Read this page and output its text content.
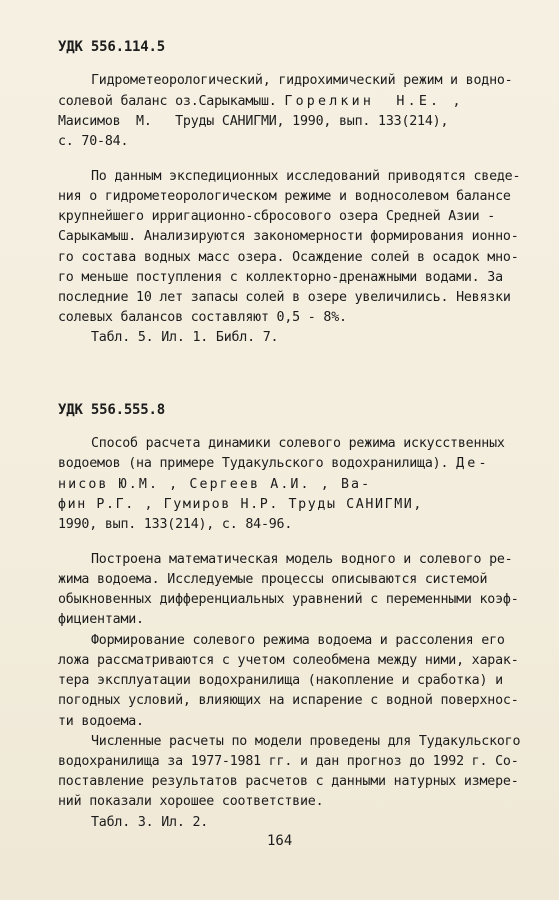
УДК 556.114.5
Гидрометеорологический, гидрохимический режим и водно-
солевой баланс оз.Сарыкамыш. Горелкин  Н.Е. ,
Маисимов  М.   Труды САНИГМИ, 1990, вып. 133(214),
с. 70-84.
По данным экспедиционных исследований приводятся сведе-
ния о гидрометеорологическом режиме и водносолевом балансе
крупнейшего ирригационно-сбросового озера Средней Азии -
Сарыкамыш. Анализируются закономерности формирования ионно-
го состава водных масс озера. Осаждение солей в осадок мно-
го меньше поступления с коллекторно-дренажными водами. За
последние 10 лет запасы солей в озере увеличились. Невязки
солевых балансов составляют 0,5 - 8%.
Табл. 5. Ил. 1. Библ. 7.
УДК 556.555.8
Способ расчета динамики солевого режима искусственных
водоемов (на примере Тудакульского водохранилища). Де-
нисов Ю.М. , Сергеев А.И. , Ва-
фин Р.Г. , Гумиров Н.Р. Труды САНИГМИ,
1990, вып. 133(214), с. 84-96.
Построена математическая модель водного и солевого ре-
жима водоема. Исследуемые процессы описываются системой
обыкновенных дифференциальных уравнений с переменными коэф-
фициентами.
Формирование солевого режима водоема и рассоления его
ложа рассматриваются с учетом солеобмена между ними, харак-
тера эксплуатации водохранилища (накопление и сработка) и
погодных условий, влияющих на испарение с водной поверхнос-
ти водоема.
Численные расчеты по модели проведены для Тудакульского
водохранилища за 1977-1981 гг. и дан прогноз до 1992 г. Со-
поставление результатов расчетов с данными натурных измере-
ний показали хорошее соответствие.
Табл. 3. Ил. 2.
164
